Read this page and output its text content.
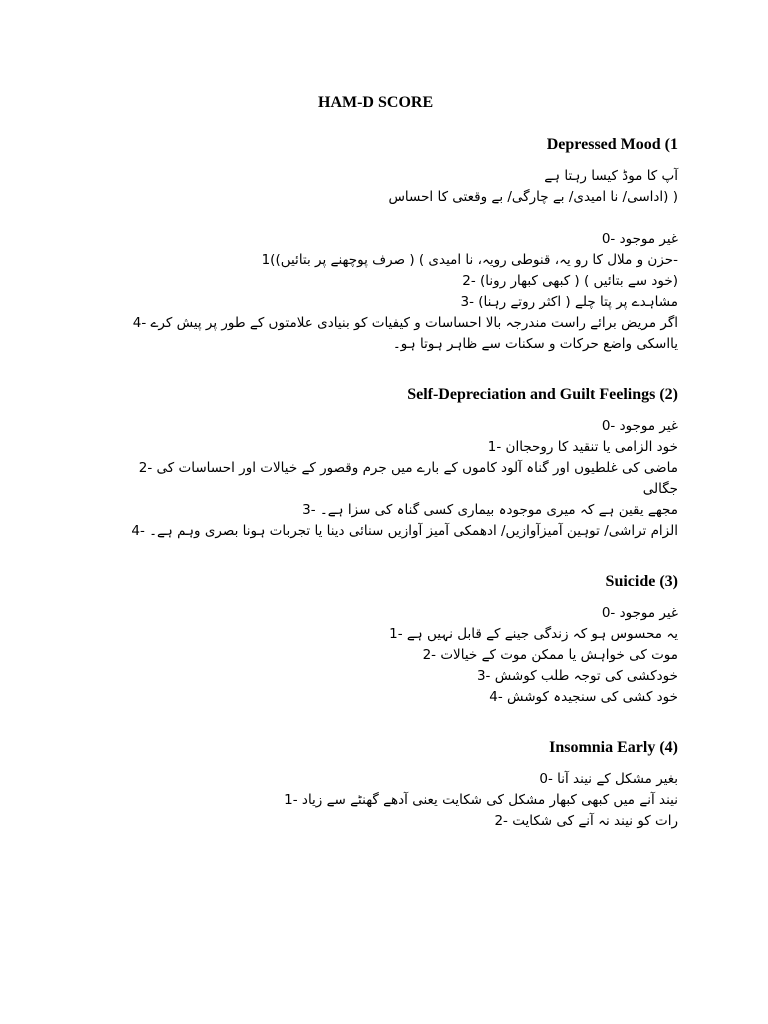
HAM-D SCORE
Depressed Mood (1
آپ کا موڈ کیسا رہتا ہے
( (اداسی/ نا امیدی/ بے چارگی/ بے وقعتی کا احساس
غیر موجود -0
-حزن و ملال کا رو یہ، قنوطی رویہ، نا امیدی ) ( صرف پوچھنے پر بتائیں))1
(خود سے بتائیں ) ( کبھی کبھار رونا) -2
مشاہدے پر پتا چلے ( اکثر روتے رہنا) -3
اگر مریض برائے راست مندرجہ بالا احساسات و کیفیات کو بنیادی علامتوں کے طور پر پیش کرے -4
یااسکی واضع حرکات و سکنات سے ظاہر ہوتا ہو۔
Self-Depreciation and Guilt Feelings (2)
غیر موجود -0
خود الزامی یا تنقید کا روحجاان -1
ماضی کی غلطیوں اور گناہ آلود کاموں کے بارے میں جرم وقصور کے خیالات اور احساسات کی -2
جگالی
مجھے یقین ہے کہ میری موجودہ بیماری کسی گناہ کی سزا ہے۔ -3
الزام تراشی/ توہین آمیزآوازیں/ ادھمکی آمیز آوازیں سنائی دینا یا تجربات ہونا بصری وہم ہے۔ -4
Suicide (3)
غیر موجود -0
یہ محسوس ہو کہ زندگی جینے کے قابل نہیں ہے -1
موت کی خواہش یا ممکن موت کے خیالات -2
خودکشی کی توجہ طلب کوشش -3
خود کشی کی سنجیدہ کوشش -4
Insomnia Early (4)
بغیر مشکل کے نیند آنا -0
نیند آنے میں کبھی کبھار مشکل کی شکایت یعنی آدھے گھنٹے سے زیاد -1
رات کو نیند نہ آنے کی شکایت -2
